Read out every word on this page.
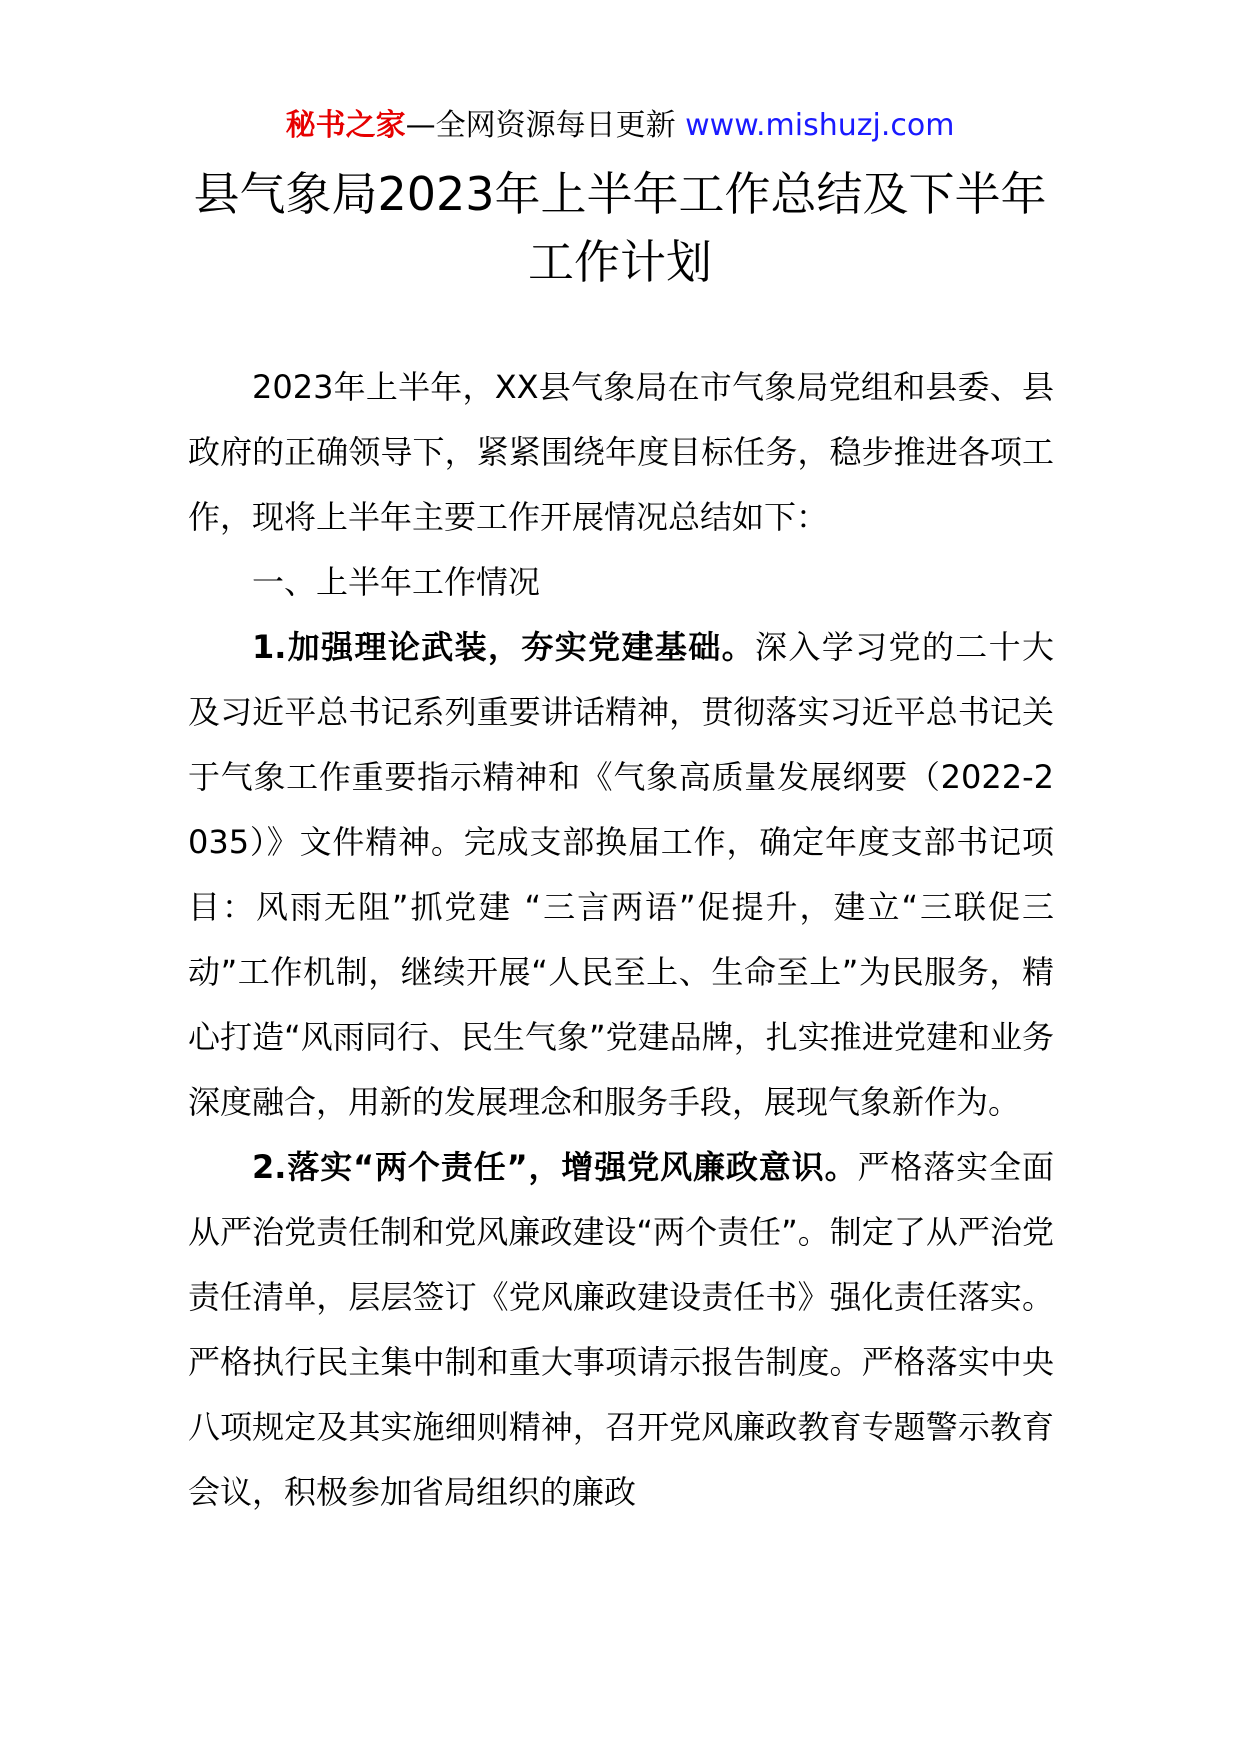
秘书之家—全网资源每日更新 www.mishuzj.com
县气象局2023年上半年工作总结及下半年
工作计划

2023年上半年，XX县气象局在市气象局党组和县委、县政府的正确领导下，紧紧围绕年度目标任务，稳步推进各项工作，现将上半年主要工作开展情况总结如下：

一、上半年工作情况

1.加强理论武装，夯实党建基础。深入学习党的二十大及习近平总书记系列重要讲话精神，贯彻落实习近平总书记关于气象工作重要指示精神和《气象高质量发展纲要（2022-2035）》文件精神。完成支部换届工作，确定年度支部书记项目：风雨无阻”抓党建 “三言两语”促提升，建立“三联促三动”工作机制，继续开展“人民至上、生命至上”为民服务，精心打造“风雨同行、民生气象”党建品牌，扎实推进党建和业务深度融合，用新的发展理念和服务手段，展现气象新作为。

2.落实“两个责任”，增强党风廉政意识。严格落实全面从严治党责任制和党风廉政建设“两个责任”。制定了从严治党责任清单，层层签订《党风廉政建设责任书》强化责任落实。严格执行民主集中制和重大事项请示报告制度。严格落实中央八项规定及其实施细则精神，召开党风廉政教育专题警示教育会议，积极参加省局组织的廉政
